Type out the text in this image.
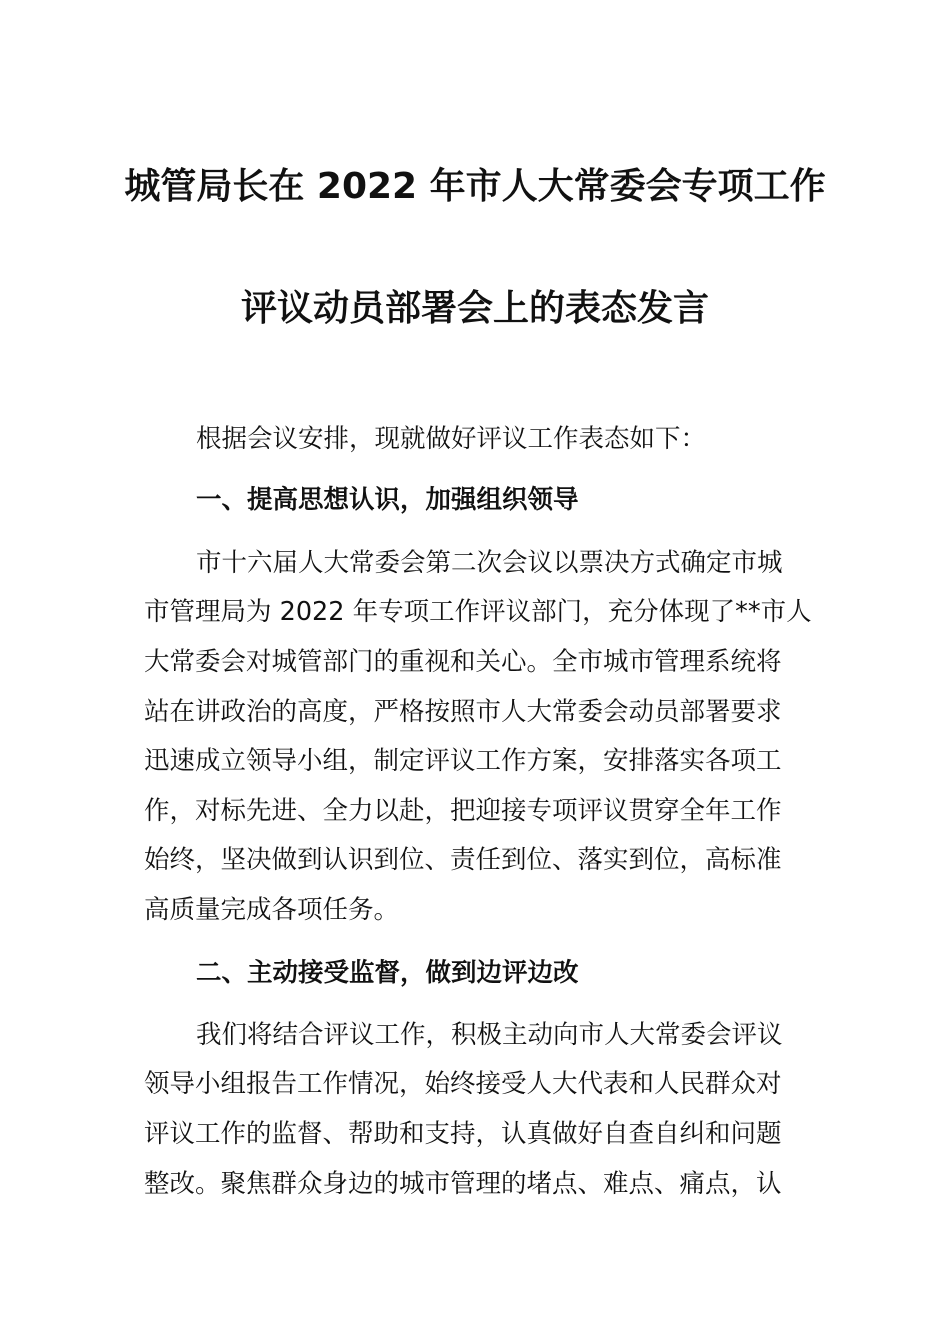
城管局长在 2022 年市人大常委会专项工作
评议动员部署会上的表态发言
根据会议安排，现就做好评议工作表态如下：
一、提高思想认识，加强组织领导
市十六届人大常委会第二次会议以票决方式确定市城
市管理局为 2022 年专项工作评议部门，充分体现了**市人
大常委会对城管部门的重视和关心。全市城市管理系统将
站在讲政治的高度，严格按照市人大常委会动员部署要求
迅速成立领导小组，制定评议工作方案，安排落实各项工
作，对标先进、全力以赴，把迎接专项评议贯穿全年工作
始终，坚决做到认识到位、责任到位、落实到位，高标准
高质量完成各项任务。
二、主动接受监督，做到边评边改
我们将结合评议工作，积极主动向市人大常委会评议
领导小组报告工作情况，始终接受人大代表和人民群众对
评议工作的监督、帮助和支持，认真做好自查自纠和问题
整改。聚焦群众身边的城市管理的堵点、难点、痛点，认
